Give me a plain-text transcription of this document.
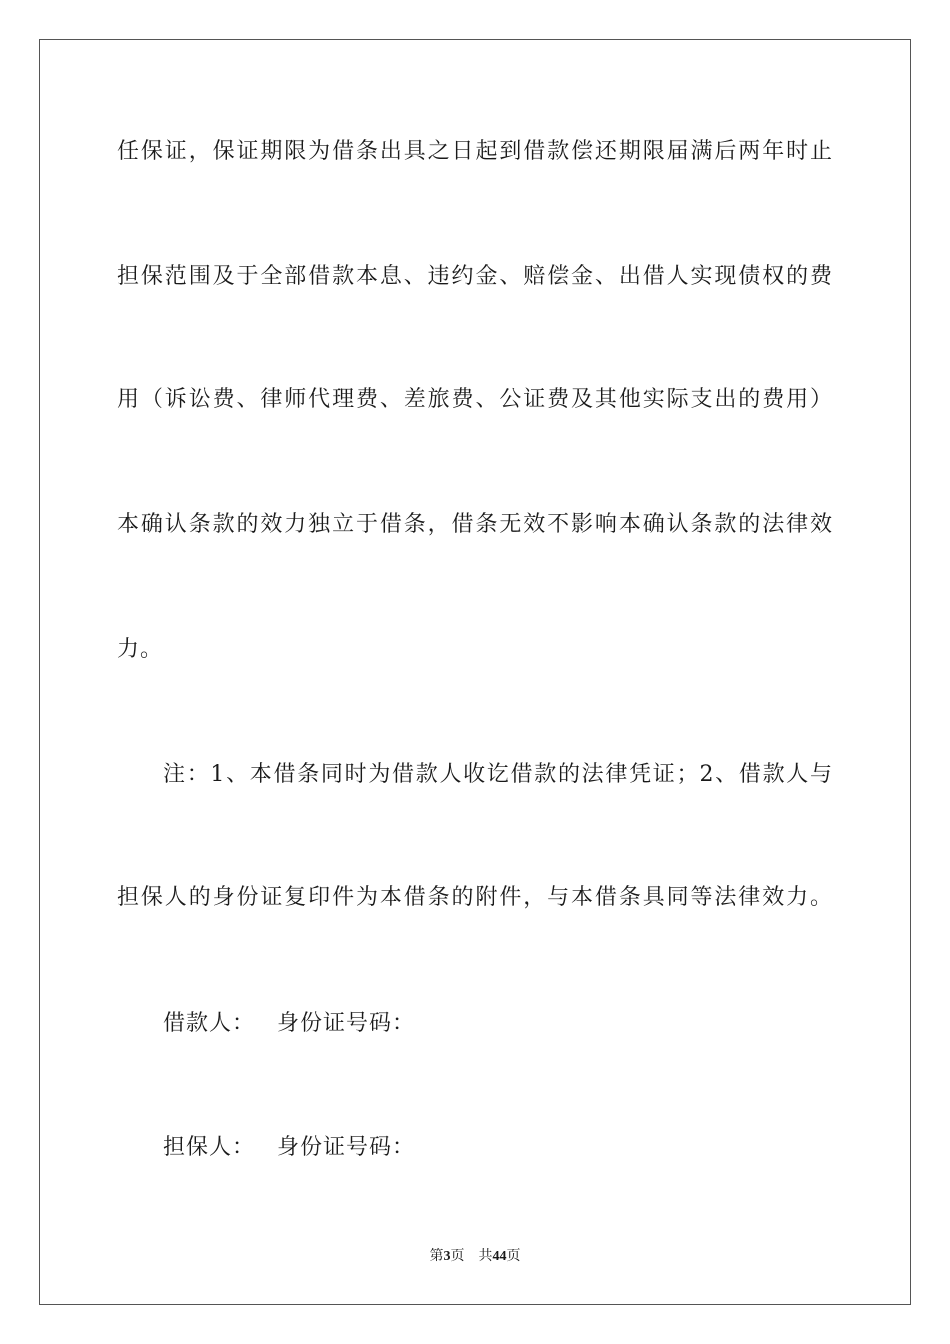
任保证，保证期限为借条出具之日起到借款偿还期限届满后两年时止
担保范围及于全部借款本息、违约金、赔偿金、出借人实现债权的费
用（诉讼费、律师代理费、差旅费、公证费及其他实际支出的费用）
本确认条款的效力独立于借条，借条无效不影响本确认条款的法律效
力。
注：1、本借条同时为借款人收讫借款的法律凭证；2、借款人与
担保人的身份证复印件为本借条的附件，与本借条具同等法律效力。
借款人： 身份证号码：
担保人： 身份证号码：
第3页 共44页
